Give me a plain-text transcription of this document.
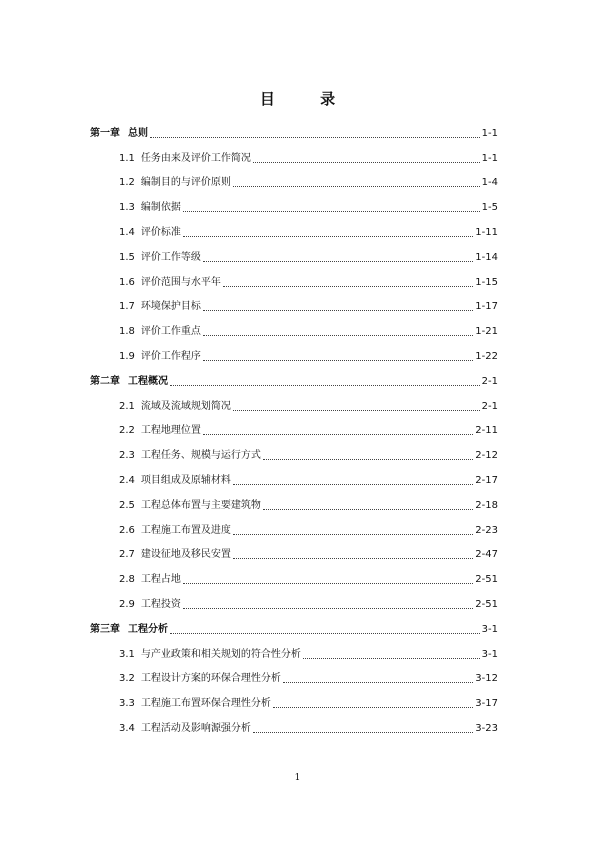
目 录
第一章 总则	1-1
1.1 任务由来及评价工作简况	1-1
1.2 编制目的与评价原则	1-4
1.3 编制依据	1-5
1.4 评价标准	1-11
1.5 评价工作等级	1-14
1.6 评价范围与水平年	1-15
1.7 环境保护目标	1-17
1.8 评价工作重点	1-21
1.9 评价工作程序	1-22
第二章 工程概况	2-1
2.1 流域及流域规划简况	2-1
2.2 工程地理位置	2-11
2.3 工程任务、规模与运行方式	2-12
2.4 项目组成及原辅材料	2-17
2.5 工程总体布置与主要建筑物	2-18
2.6 工程施工布置及进度	2-23
2.7 建设征地及移民安置	2-47
2.8 工程占地	2-51
2.9 工程投资	2-51
第三章 工程分析	3-1
3.1 与产业政策和相关规划的符合性分析	3-1
3.2 工程设计方案的环保合理性分析	3-12
3.3 工程施工布置环保合理性分析	3-17
3.4 工程活动及影响源强分析	3-23
1
